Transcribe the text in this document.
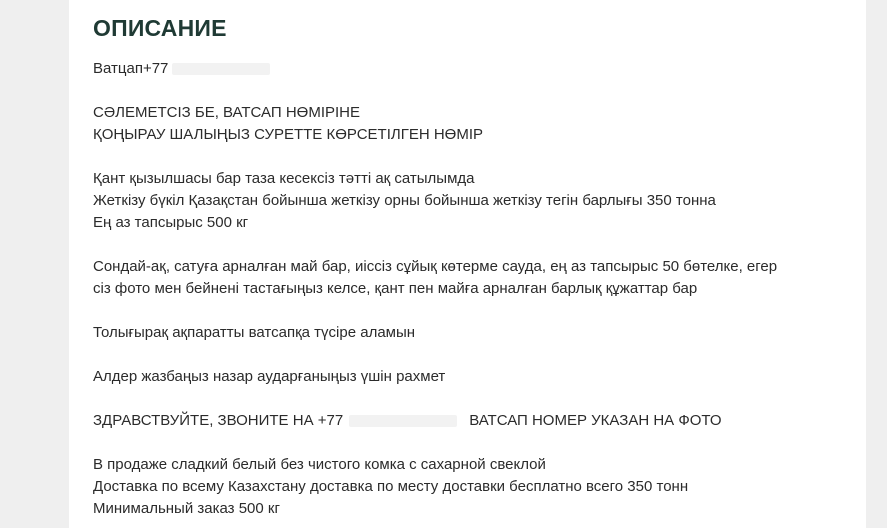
ОПИСАНИЕ
Ватцап+77
СӘЛЕМЕТСІЗ БЕ, ВАТСАП НӨМІРІНЕ
ҚОҢЫРАУ ШАЛЫҢЫЗ СУРЕТТЕ КӨРСЕТІЛГЕН НӨМІР
Қант қызылшасы бар таза кесексіз тәтті ақ сатылымда
Жеткізу бүкіл Қазақстан бойынша жеткізу орны бойынша жеткізу тегін барлығы 350 тонна
Ең аз тапсырыс 500 кг
Сондай-ақ, сатуға арналған май бар, иіссіз сұйық көтерме сауда, ең аз тапсырыс 50 бөтелке, егер
сіз фото мен бейнені тастағыңыз келсе, қант пен майға арналған барлық құжаттар бар
Толығырақ ақпаратты ватсапқа түсіре аламын
Алдер жазбаңыз назар аударғаныңыз үшін рахмет
ЗДРАВСТВУЙТЕ, ЗВОНИТЕ НА +77	ВАТСАП НОМЕР УКАЗАН НА ФОТО
В продаже сладкий белый без чистого комка с сахарной свеклой
Доставка по всему Казахстану доставка по месту доставки бесплатно всего 350 тонн
Минимальный заказ 500 кг
